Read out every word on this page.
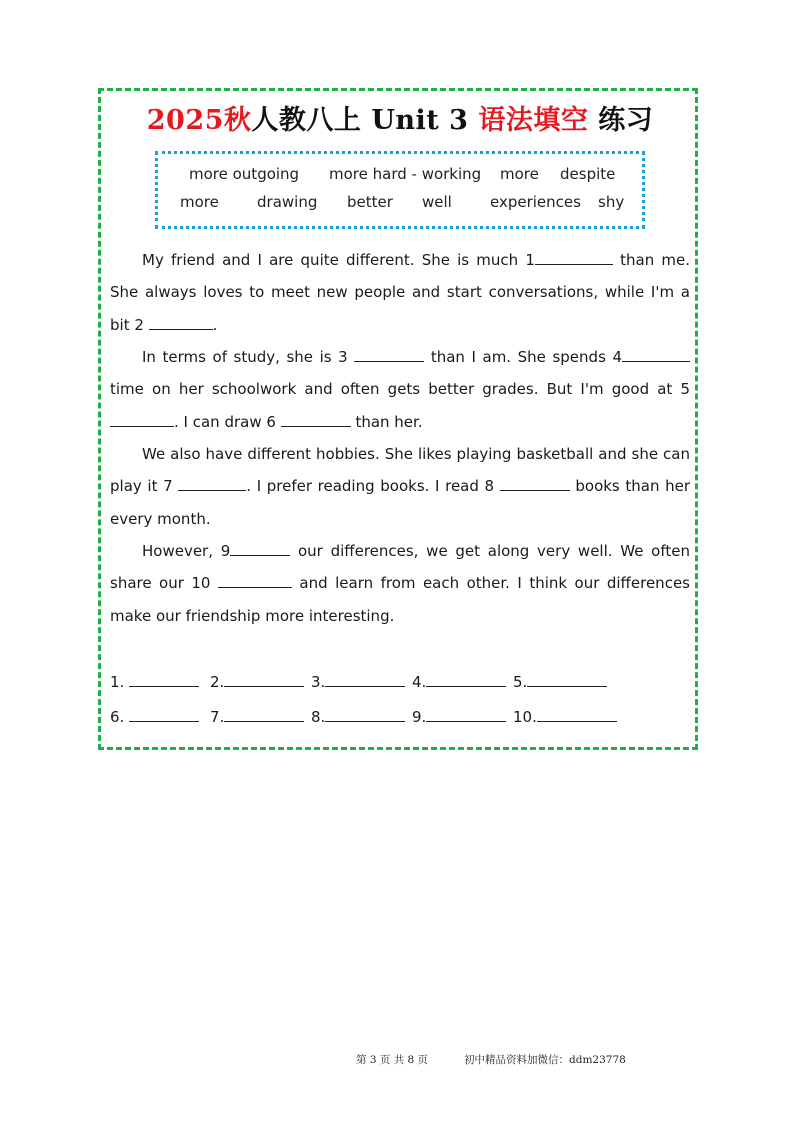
2025秋人教八上 Unit 3 语法填空 练习
more outgoing more hard - working more despite
more	drawing better well	experiences shy
My friend and I are quite different. She is much 1	than me. She always loves to meet new people and start conversations, while I'm a bit 2	.
In terms of study, she is 3	than I am. She spends 4 time on her schoolwork and often gets better grades. But I'm good at 5 . I can draw 6	than her.
We also have different hobbies. She likes playing basketball and she can play it 7	. I prefer reading books. I read 8	books than her every month.
However, 9	our differences, we get along very well. We often share our 10	and learn from each other. I think our differences make our friendship more interesting.
1.	2.	3.	4.	5.
6.	7.	8.	9.	10.
第 3 页 共 8 页	初中精品资料加微信：ddm23778
